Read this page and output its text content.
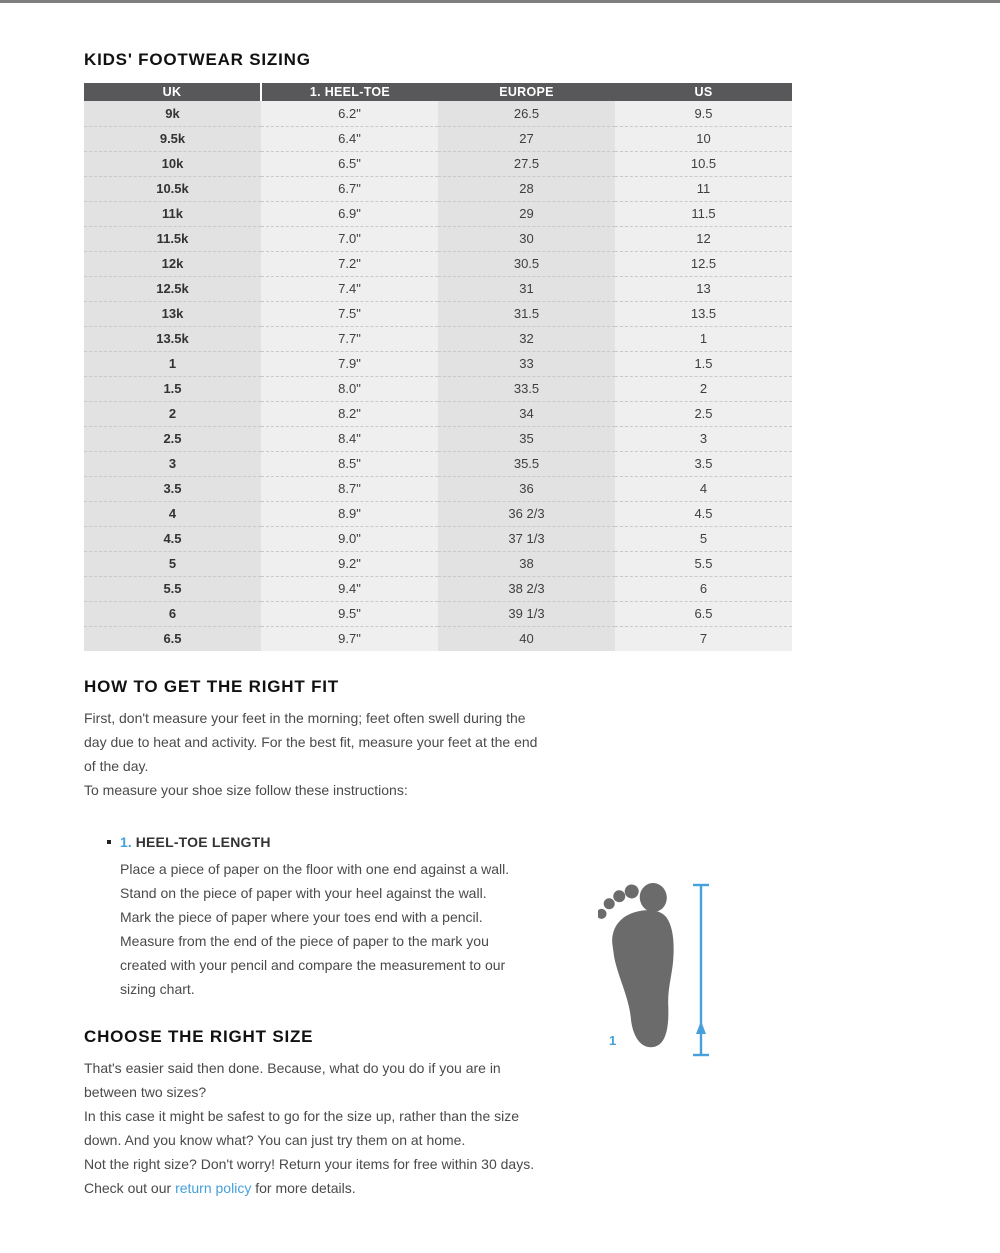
KIDS' FOOTWEAR SIZING
UK	1. HEEL-TOE	EUROPE	US
9k	6.2"	26.5	9.5
9.5k	6.4"	27	10
10k	6.5"	27.5	10.5
10.5k	6.7"	28	11
11k	6.9"	29	11.5
11.5k	7.0"	30	12
12k	7.2"	30.5	12.5
12.5k	7.4"	31	13
13k	7.5"	31.5	13.5
13.5k	7.7"	32	1
1	7.9"	33	1.5
1.5	8.0"	33.5	2
2	8.2"	34	2.5
2.5	8.4"	35	3
3	8.5"	35.5	3.5
3.5	8.7"	36	4
4	8.9"	36 2/3	4.5
4.5	9.0"	37 1/3	5
5	9.2"	38	5.5
5.5	9.4"	38 2/3	6
6	9.5"	39 1/3	6.5
6.5	9.7"	40	7
HOW TO GET THE RIGHT FIT

First, don't measure your feet in the morning; feet often swell during the day due to heat and activity. For the best fit, measure your feet at the end of the day.

To measure your shoe size follow these instructions:

1. HEEL-TOE LENGTH
Place a piece of paper on the floor with one end against a wall. Stand on the piece of paper with your heel against the wall. Mark the piece of paper where your toes end with a pencil. Measure from the end of the piece of paper to the mark you created with your pencil and compare the measurement to our sizing chart.
CHOOSE THE RIGHT SIZE

That's easier said then done. Because, what do you do if you are in between two sizes?

In this case it might be safest to go for the size up, rather than the size down. And you know what? You can just try them on at home.

Not the right size? Don't worry! Return your items for free within 30 days. Check out our return policy for more details.

1
